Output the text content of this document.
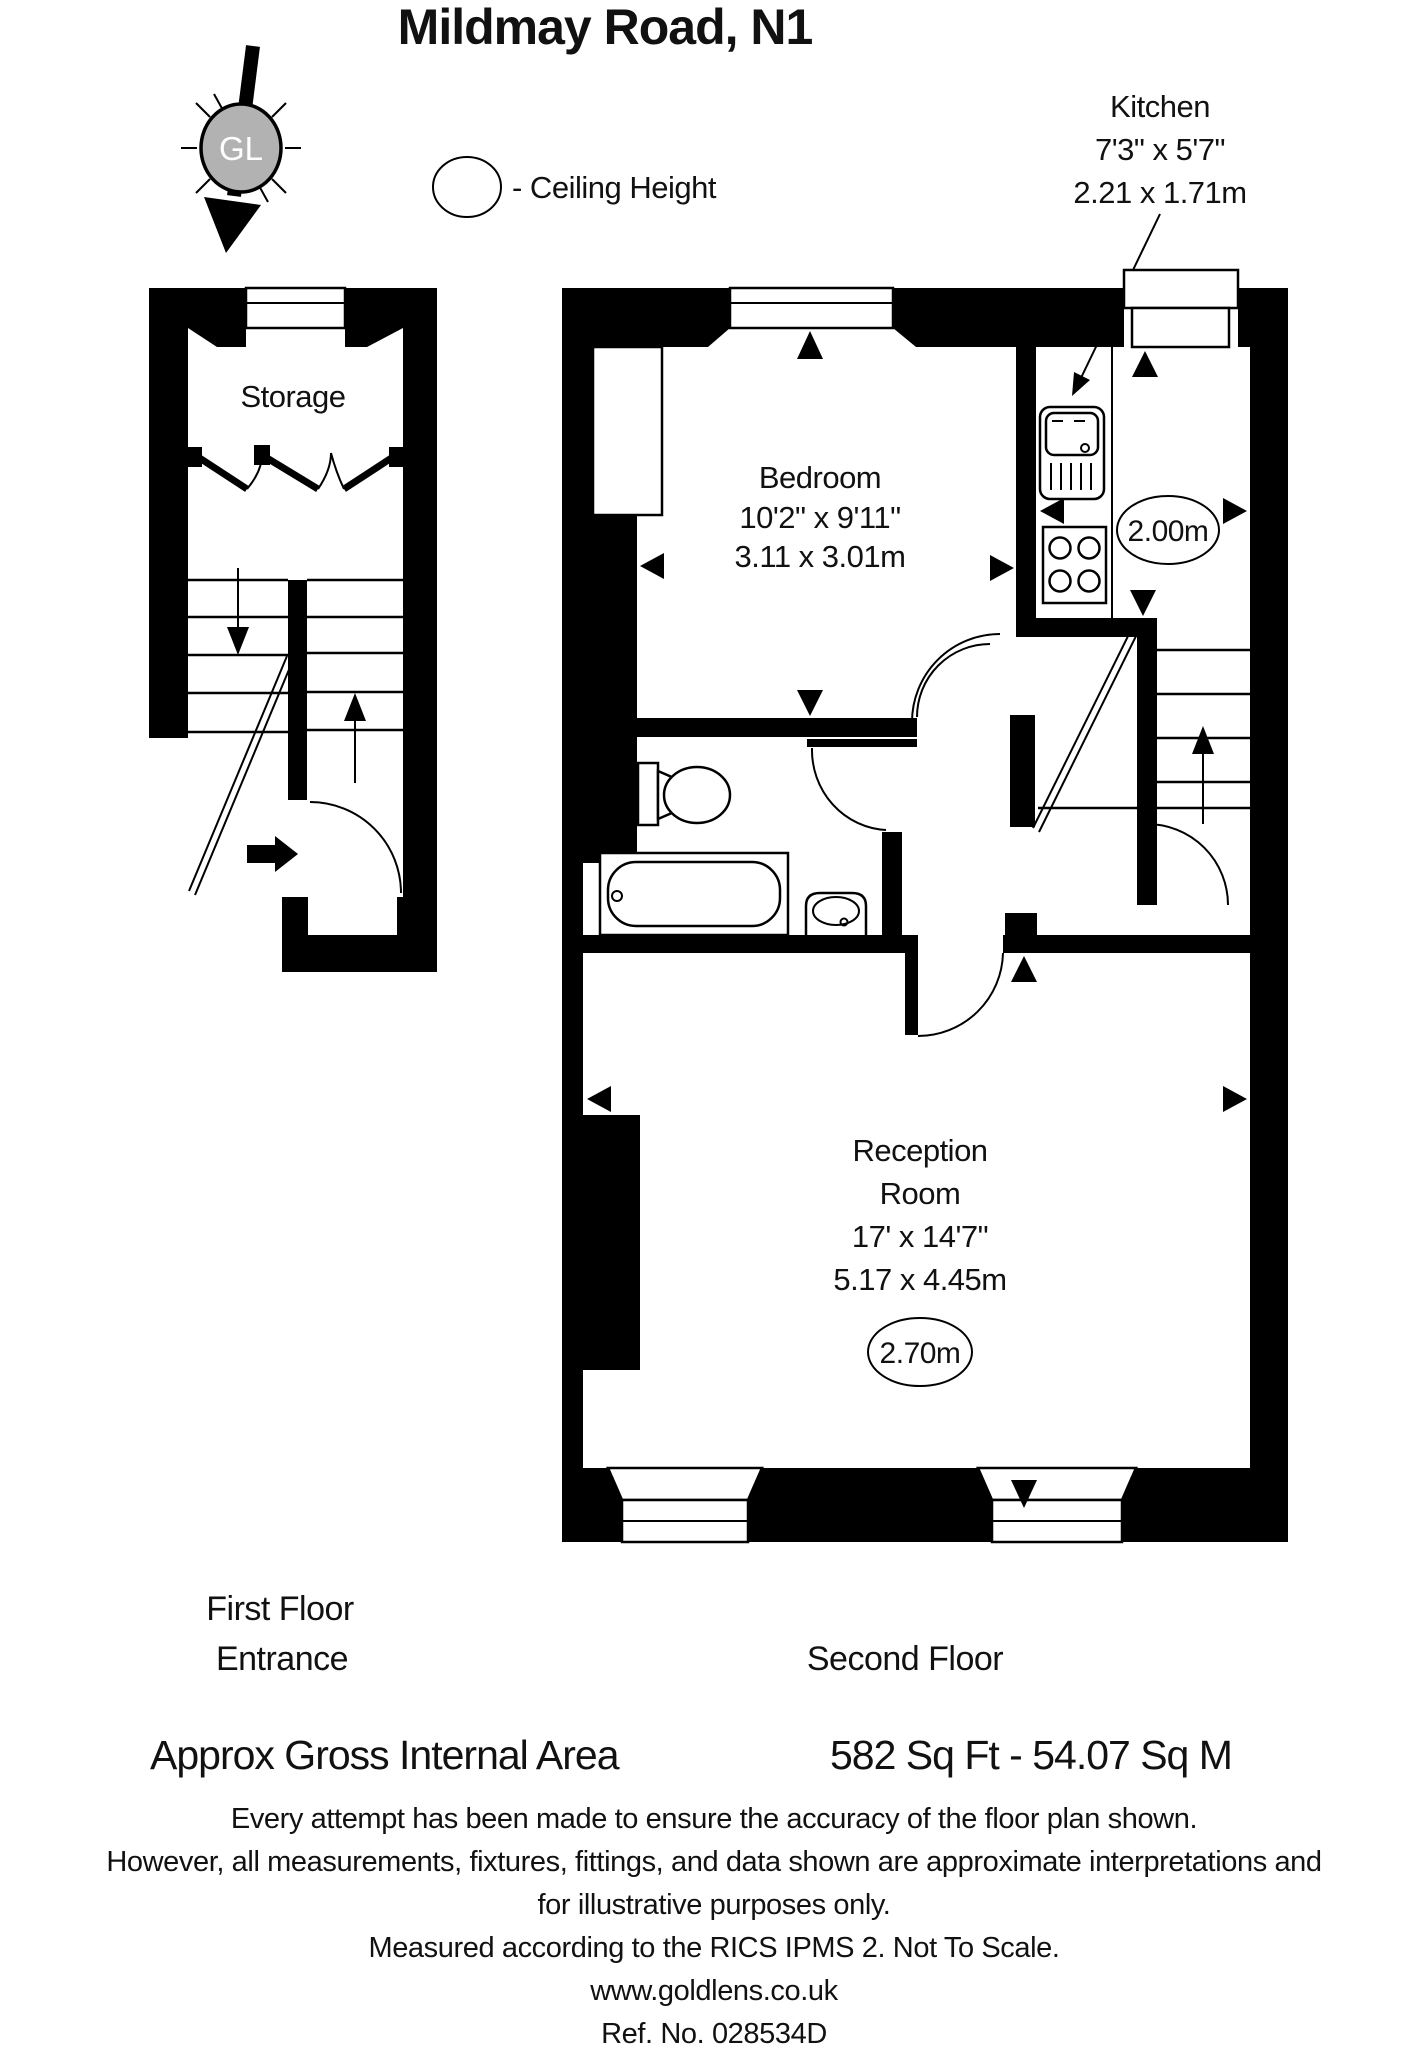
Mildmay Road, N1
GL
- Ceiling Height
Kitchen
7'3" x 5'7"
2.21 x 1.71m
Storage
Bedroom
10'2" x 9'11"
3.11 x 3.01m
2.00m
Reception
Room
17' x 14'7"
5.17 x 4.45m
2.70m
First Floor
Entrance	Second Floor
Approx Gross Internal Area	582 Sq Ft - 54.07 Sq M
Every attempt has been made to ensure the accuracy of the floor plan shown.
However, all measurements, fixtures, fittings, and data shown are approximate interpretations and
for illustrative purposes only.
Measured according to the RICS IPMS 2. Not To Scale.
www.goldlens.co.uk
Ref. No. 028534D
